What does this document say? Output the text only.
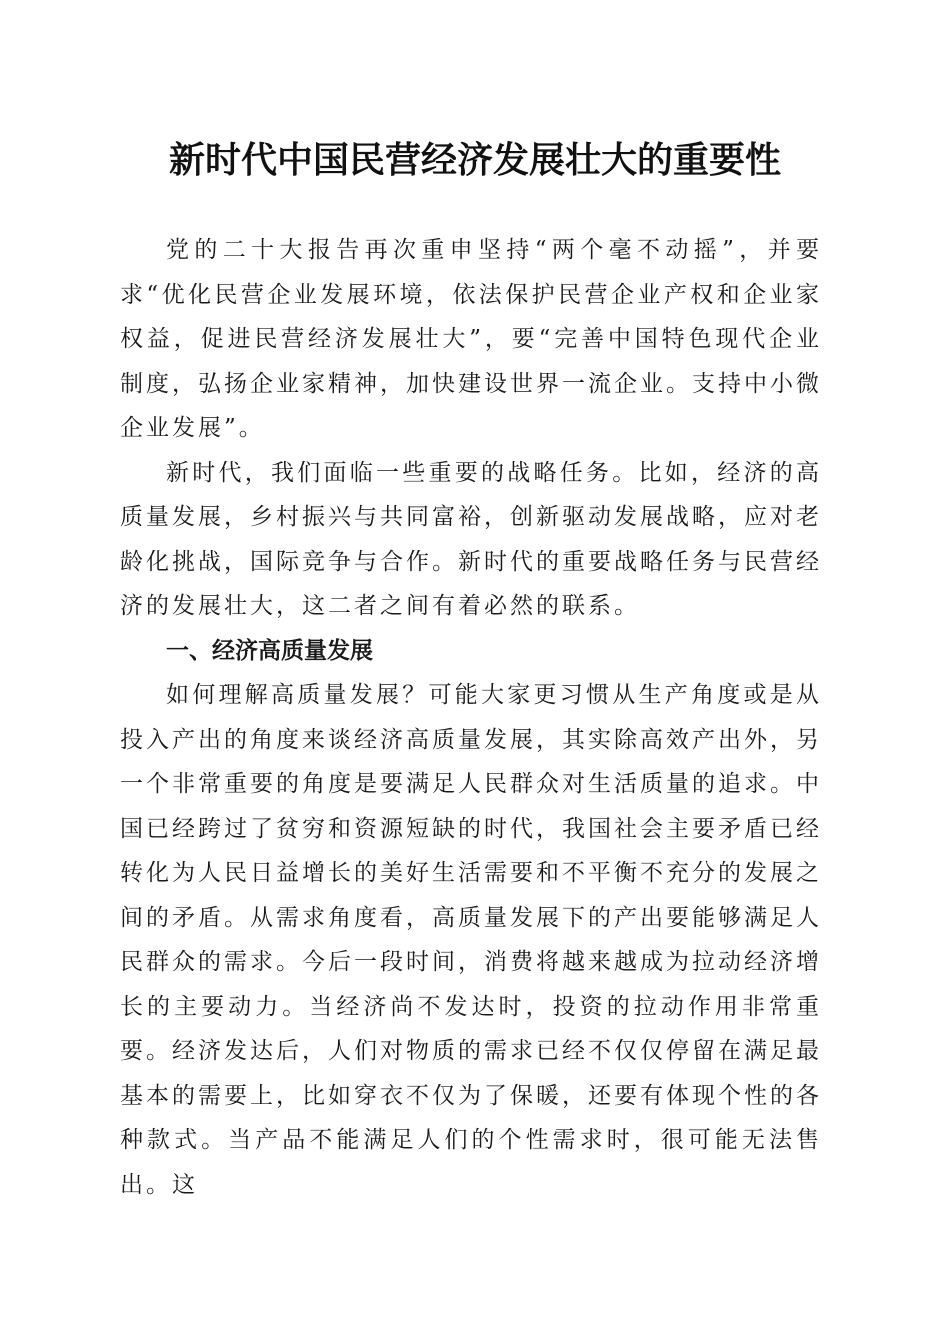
新时代中国民营经济发展壮大的重要性

党的二十大报告再次重申坚持“两个毫不动摇”，并要求“优化民营企业发展环境，依法保护民营企业产权和企业家权益，促进民营经济发展壮大”，要“完善中国特色现代企业制度，弘扬企业家精神，加快建设世界一流企业。支持中小微企业发展”。

新时代，我们面临一些重要的战略任务。比如，经济的高质量发展，乡村振兴与共同富裕，创新驱动发展战略，应对老龄化挑战，国际竞争与合作。新时代的重要战略任务与民营经济的发展壮大，这二者之间有着必然的联系。

一、经济高质量发展

如何理解高质量发展？可能大家更习惯从生产角度或是从投入产出的角度来谈经济高质量发展，其实除高效产出外，另一个非常重要的角度是要满足人民群众对生活质量的追求。中国已经跨过了贫穷和资源短缺的时代，我国社会主要矛盾已经转化为人民日益增长的美好生活需要和不平衡不充分的发展之间的矛盾。从需求角度看，高质量发展下的产出要能够满足人民群众的需求。今后一段时间，消费将越来越成为拉动经济增长的主要动力。当经济尚不发达时，投资的拉动作用非常重要。经济发达后，人们对物质的需求已经不仅仅停留在满足最基本的需要上，比如穿衣不仅为了保暖，还要有体现个性的各种款式。当产品不能满足人们的个性需求时，很可能无法售出。这
